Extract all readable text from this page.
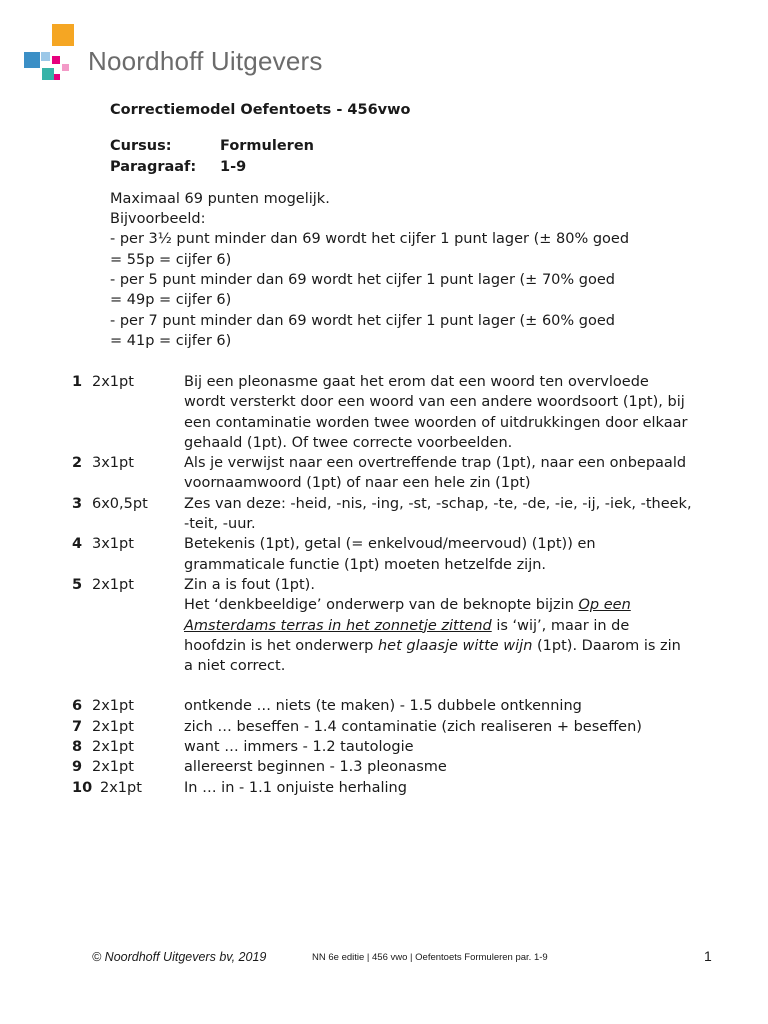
Noordhoff Uitgevers

Correctiemodel Oefentoets - 456vwo

Cursus:	Formuleren
Paragraaf:	1-9
Maximaal 69 punten mogelijk.
Bijvoorbeeld:
- per 3½ punt minder dan 69 wordt het cijfer 1 punt lager (± 80% goed
= 55p = cijfer 6)
- per 5 punt minder dan 69 wordt het cijfer 1 punt lager (± 70% goed
= 49p = cijfer 6)
- per 7 punt minder dan 69 wordt het cijfer 1 punt lager (± 60% goed
= 41p = cijfer 6)
1 2x1pt	Bij een pleonasme gaat het erom dat een woord ten overvloede wordt versterkt door een woord van een andere woordsoort (1pt), bij een contaminatie worden twee woorden of uitdrukkingen door elkaar gehaald (1pt). Of twee correcte voorbeelden.
2 3x1pt	Als je verwijst naar een overtreffende trap (1pt), naar een onbepaald voornaamwoord (1pt) of naar een hele zin (1pt)
3 6x0,5pt	Zes van deze: -heid, -nis, -ing, -st, -schap, -te, -de, -ie, -ij, -iek, -theek, -teit, -uur.
4 3x1pt	Betekenis (1pt), getal (= enkelvoud/meervoud) (1pt)) en grammaticale functie (1pt) moeten hetzelfde zijn.
5 2x1pt	Zin a is fout (1pt).
Het ‘denkbeeldige’ onderwerp van de beknopte bijzin Op een Amsterdams terras in het zonnetje zittend is ‘wij’, maar in de hoofdzin is het onderwerp het glaasje witte wijn (1pt). Daarom is zin a niet correct.
6 2x1pt	ontkende … niets (te maken) - 1.5 dubbele ontkenning
7 2x1pt	zich … beseffen - 1.4 contaminatie (zich realiseren + beseffen)
8 2x1pt	want … immers - 1.2 tautologie
9 2x1pt	allereerst beginnen - 1.3 pleonasme
10 2x1pt	In … in - 1.1 onjuiste herhaling
© Noordhoff Uitgevers bv, 2019	NN 6e editie | 456 vwo | Oefentoets Formuleren par. 1-9	1
